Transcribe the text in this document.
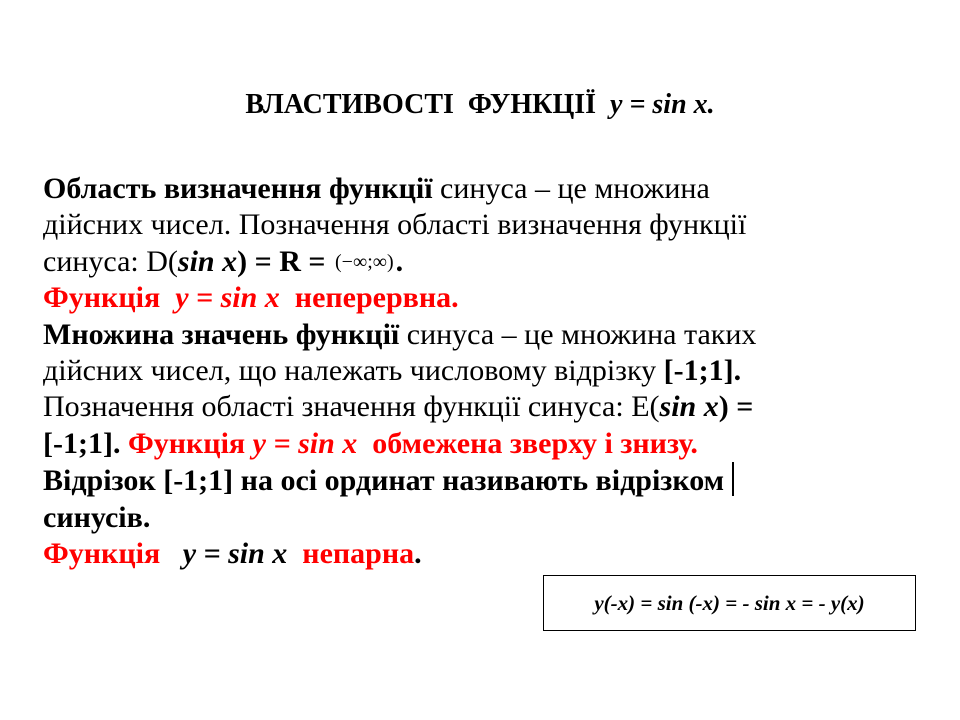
ВЛАСТИВОСТІ  ФУНКЦІЇ y = sin x.
Область визначення функції синуса – це множина
дійсних чисел. Позначення області визначення функції
синуса: D(sin x) = R = (−∞;∞).
Функція y = sin x неперервна.
Множина значень функції синуса – це множина таких
дійсних чисел, що належать числовому відрізку [-1;1].
Позначення області значення функції синуса: E(sin x) =
[-1;1]. Функція y = sin x обмежена зверху і знизу.
Відрізок [-1;1] на осі ординат називають відрізком
синусів.
Функція y = sin x непарна.
y(-x) = sin (-x) = - sin x = - y(x)
